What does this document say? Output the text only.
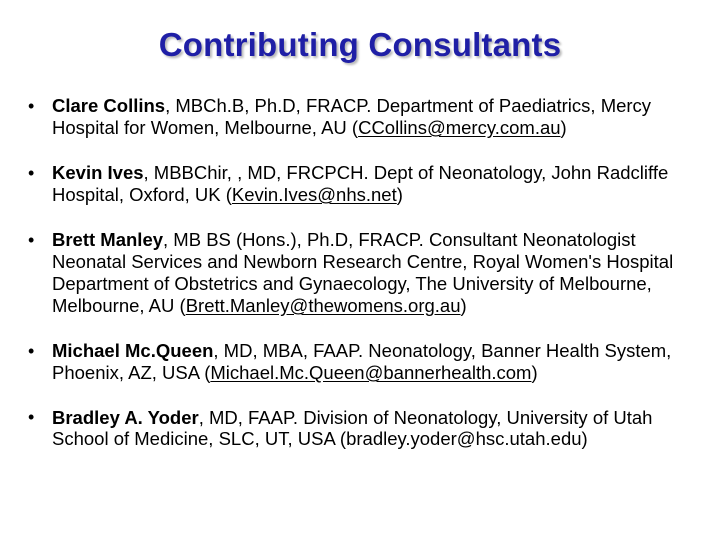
Contributing Consultants
• Clare Collins, MBCh.B, Ph.D, FRACP. Department of Paediatrics, Mercy Hospital for Women, Melbourne, AU (CCollins@mercy.com.au)
• Kevin Ives, MBBChir, , MD, FRCPCH. Dept of Neonatology, John Radcliffe Hospital, Oxford, UK (Kevin.Ives@nhs.net)
• Brett Manley, MB BS (Hons.), Ph.D, FRACP. Consultant Neonatologist Neonatal Services and Newborn Research Centre, Royal Women's Hospital Department of Obstetrics and Gynaecology, The University of Melbourne, Melbourne, AU (Brett.Manley@thewomens.org.au)
• Michael Mc.Queen, MD, MBA, FAAP. Neonatology, Banner Health System, Phoenix, AZ, USA (Michael.Mc.Queen@bannerhealth.com)
• Bradley A. Yoder, MD, FAAP. Division of Neonatology, University of Utah School of Medicine, SLC, UT, USA (bradley.yoder@hsc.utah.edu)
